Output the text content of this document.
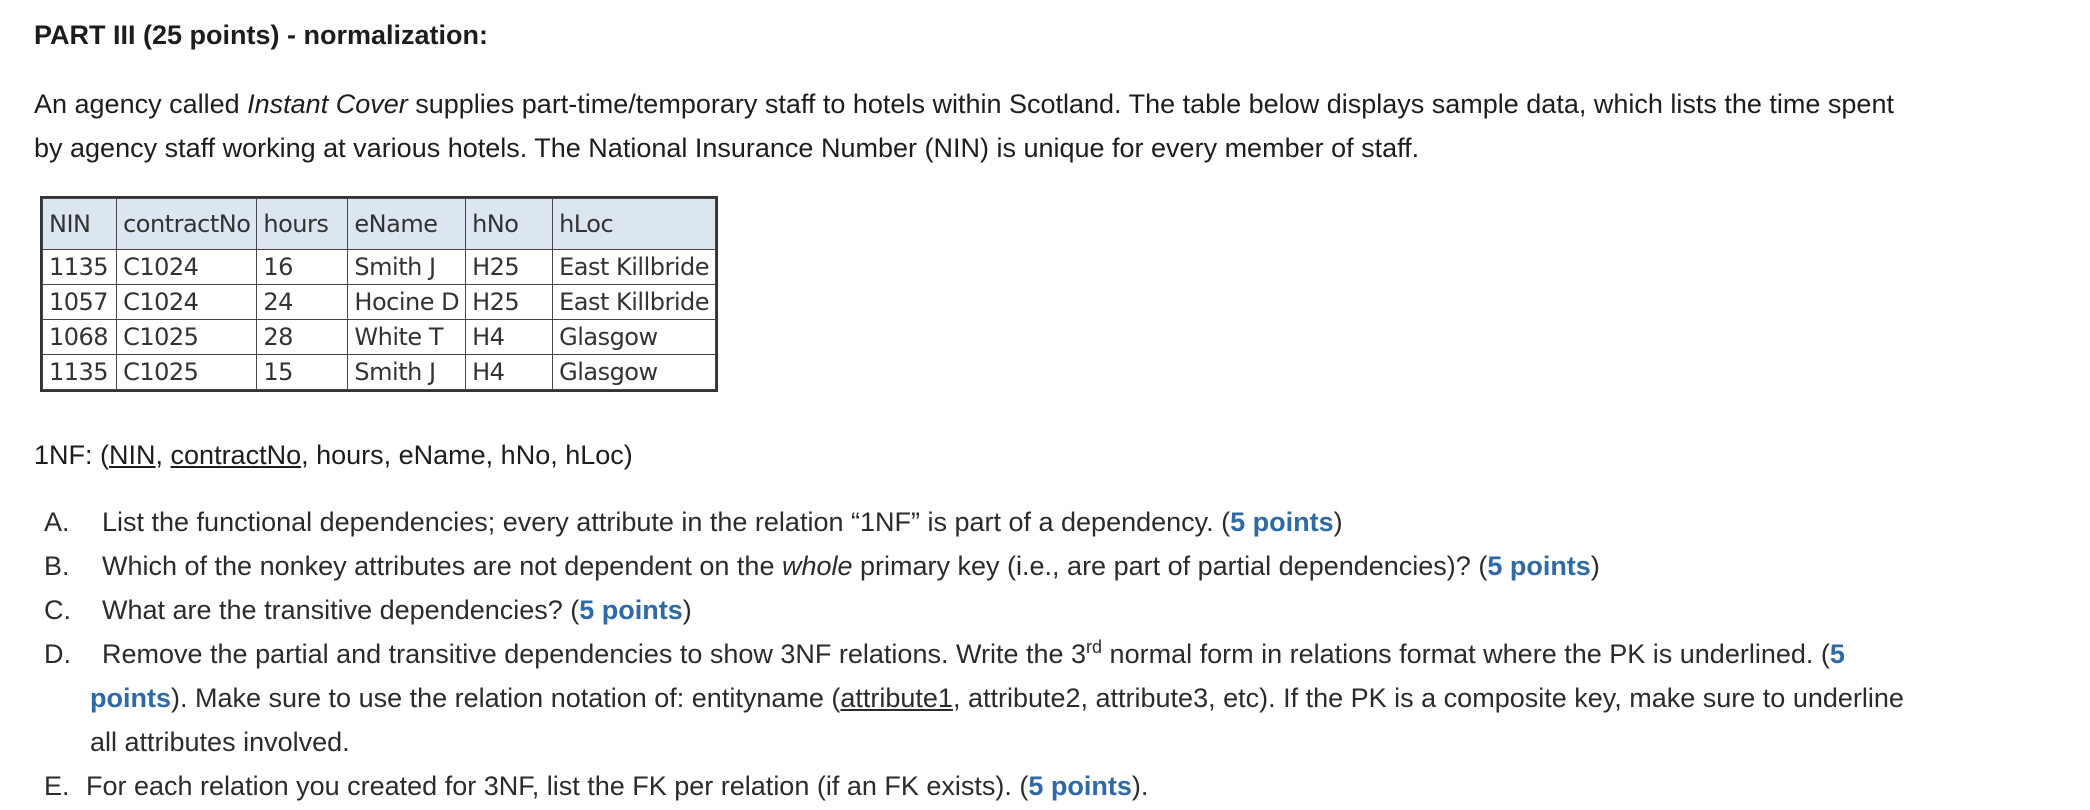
PART III (25 points) - normalization:
An agency called Instant Cover supplies part-time/temporary staff to hotels within Scotland. The table below displays sample data, which lists the time spent
by agency staff working at various hotels. The National Insurance Number (NIN) is unique for every member of staff.
NIN	contractNo	hours	eName	hNo	hLoc
1135	C1024	16	Smith J	H25	East Killbride
1057	C1024	24	Hocine D	H25	East Killbride
1068	C1025	28	White T	H4	Glasgow
1135	C1025	15	Smith J	H4	Glasgow
1NF: (NIN, contractNo, hours, eName, hNo, hLoc)
A. List the functional dependencies; every attribute in the relation “1NF” is part of a dependency. (5 points)
B. Which of the nonkey attributes are not dependent on the whole primary key (i.e., are part of partial dependencies)? (5 points)
C. What are the transitive dependencies? (5 points)
D. Remove the partial and transitive dependencies to show 3NF relations. Write the 3rd normal form in relations format where the PK is underlined. (5
points). Make sure to use the relation notation of: entityname (attribute1, attribute2, attribute3, etc). If the PK is a composite key, make sure to underline
all attributes involved.
E. For each relation you created for 3NF, list the FK per relation (if an FK exists). (5 points).
